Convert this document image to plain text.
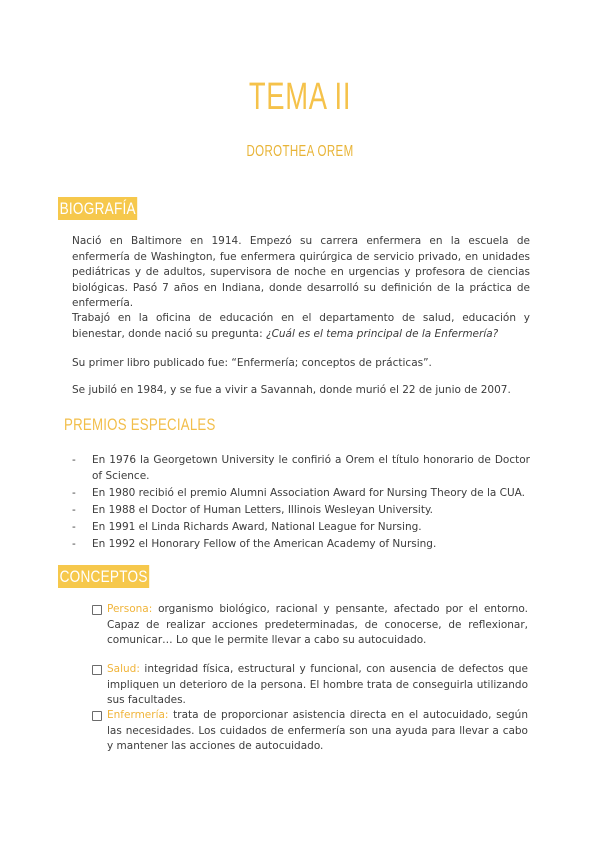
TEMA II
DOROTHEA OREM
BIOGRAFÍA
Nació en Baltimore en 1914. Empezó su carrera enfermera en la escuela de enfermería de Washington, fue enfermera quirúrgica de servicio privado, en unidades pediátricas y de adultos, supervisora de noche en urgencias y profesora de ciencias biológicas. Pasó 7 años en Indiana, donde desarrolló su definición de la práctica de enfermería.
Trabajó en la oficina de educación en el departamento de salud, educación y bienestar, donde nació su pregunta: ¿Cuál es el tema principal de la Enfermería?
Su primer libro publicado fue: “Enfermería; conceptos de prácticas”.
Se jubiló en 1984, y se fue a vivir a Savannah, donde murió el 22 de junio de 2007.
PREMIOS ESPECIALES
- En 1976 la Georgetown University le confirió a Orem el título honorario de Doctor of Science.
- En 1980 recibió el premio Alumni Association Award for Nursing Theory de la CUA.
- En 1988 el Doctor of Human Letters, Illinois Wesleyan University.
- En 1991 el Linda Richards Award, National League for Nursing.
- En 1992 el Honorary Fellow of the American Academy of Nursing.
CONCEPTOS
Persona: organismo biológico, racional y pensante, afectado por el entorno. Capaz de realizar acciones predeterminadas, de conocerse, de reflexionar, comunicar… Lo que le permite llevar a cabo su autocuidado.
Salud: integridad física, estructural y funcional, con ausencia de defectos que impliquen un deterioro de la persona. El hombre trata de conseguirla utilizando sus facultades.
Enfermería: trata de proporcionar asistencia directa en el autocuidado, según las necesidades. Los cuidados de enfermería son una ayuda para llevar a cabo y mantener las acciones de autocuidado.
